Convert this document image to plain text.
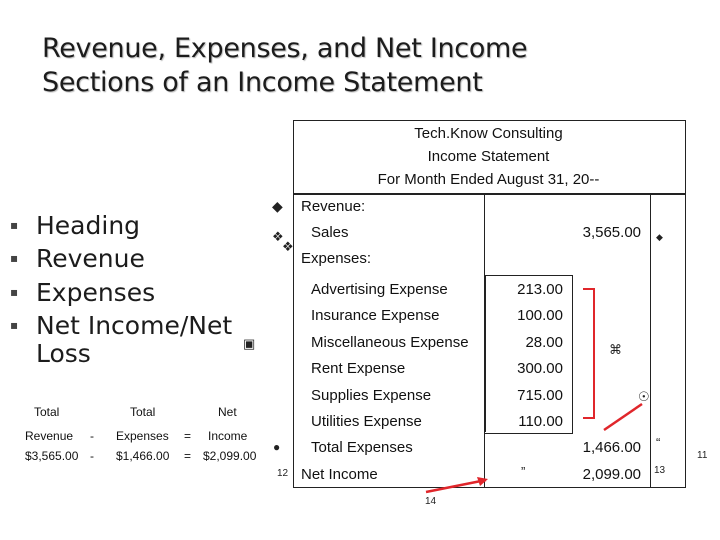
Revenue, Expenses, and Net Income
Sections of an Income Statement
▪ Heading
▪ Revenue
▪ Expenses
▪ Net Income/Net
Loss
Total	Total	Net
Revenue - Expenses = Income
$3,565.00 - $1,466.00 = $2,099.00
Tech.Know Consulting
Income Statement
For Month Ended August 31, 20--
Revenue:
Sales	3,565.00
Expenses:
Advertising Expense	213.00
Insurance Expense	100.00
Miscellaneous Expense	28.00
Rent Expense	300.00
Supplies Expense	715.00
Utilities Expense	110.00
Total Expenses	1,466.00
Net Income	2,099.00
◆
❖
❖
◆
▣	⌘
☉
●	“
”
12	13
11
14
